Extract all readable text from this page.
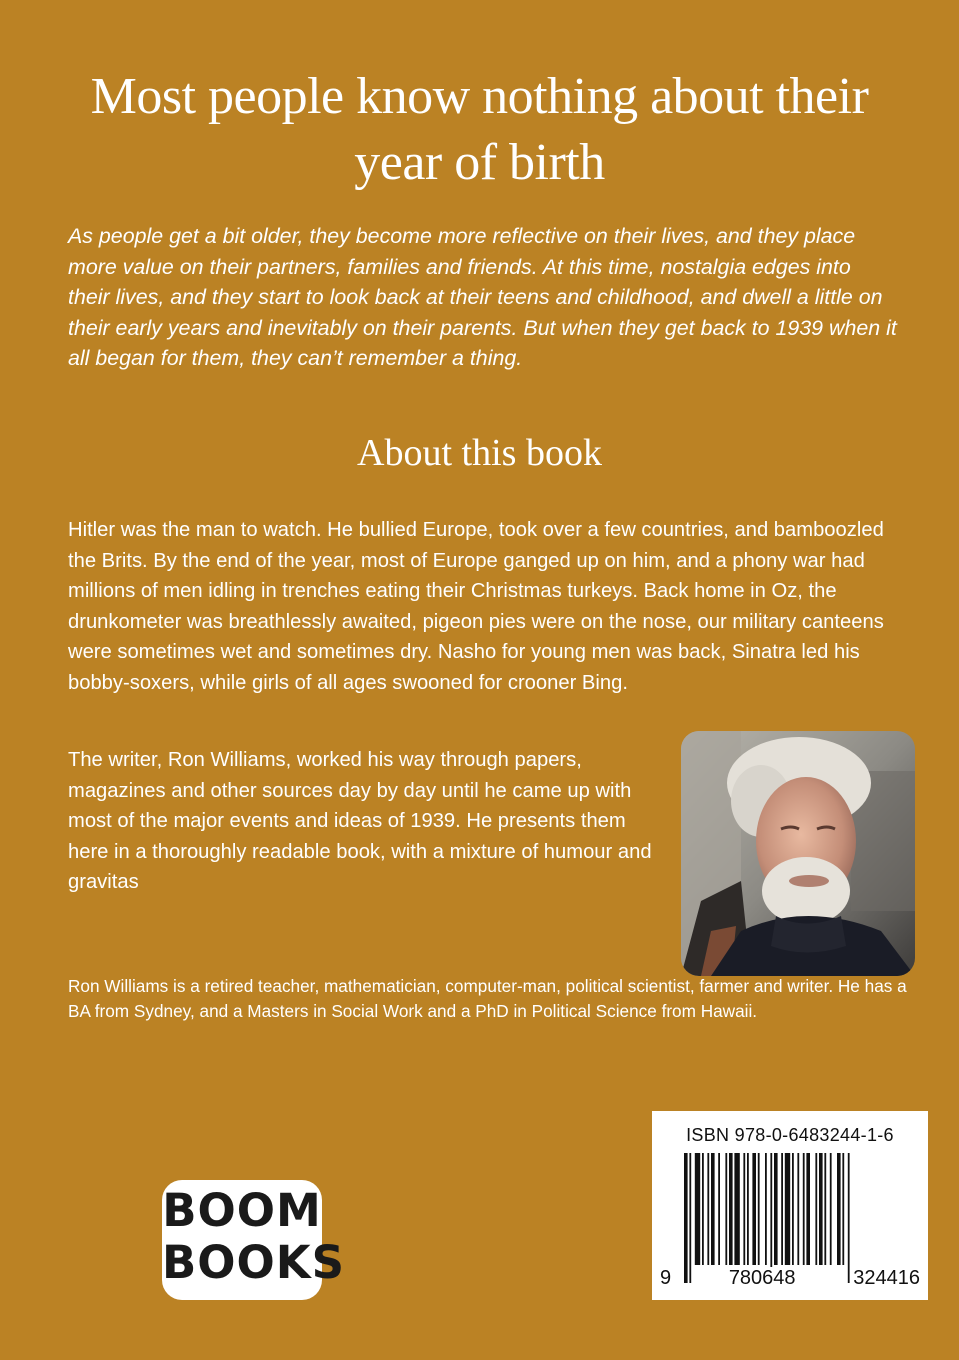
Most people know nothing about their
year of birth

As people get a bit older, they become more reflective on their lives, and they place more value on their partners, families and friends. At this time, nostalgia edges into their lives, and they start to look back at their teens and childhood, and dwell a little on their early years and inevitably on their parents. But when they get back to 1939 when it all began for them, they can’t remember a thing.

About this book

Hitler was the man to watch. He bullied Europe, took over a few countries, and bamboozled the Brits. By the end of the year, most of Europe ganged up on him, and a phony war had millions of men idling in trenches eating their Christmas turkeys. Back home in Oz, the drunkometer was breathlessly awaited, pigeon pies were on the nose, our military canteens were sometimes wet and sometimes dry. Nasho for young men was back, Sinatra led his bobby-soxers, while girls of all ages swooned for crooner Bing.

The writer, Ron Williams, worked his way through papers, magazines and other sources day by day until he came up with most of the major events and ideas of 1939. He presents them here in a thoroughly readable book, with a mixture of humour and gravitas

Ron Williams is a retired teacher, mathematician, computer-man, political scientist, farmer and writer. He has a BA from Sydney, and a Masters in Social Work and a PhD in Political Science from Hawaii.

ISBN 978-0-6483244-1-6
9	780648	324416
BOOM
BOOKS
